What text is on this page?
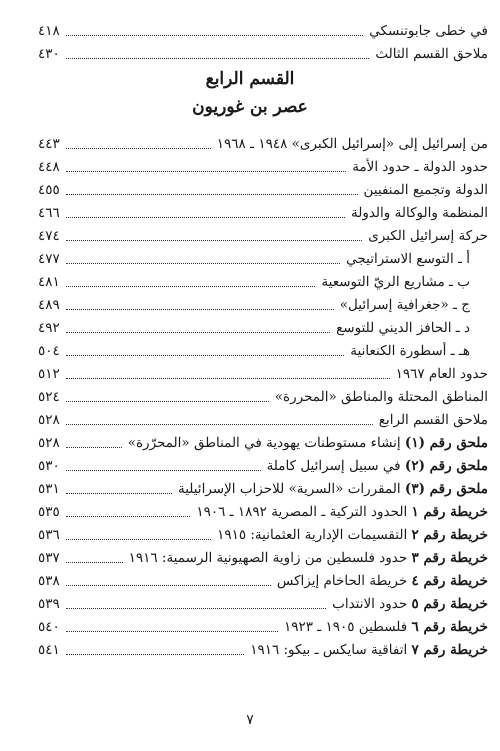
في خطى جابوتنسكي
٤١٨
ملاحق القسم الثالث
٤٣٠
القسم الرابع
عصر بن غوريون
من إسرائيل إلى «إسرائيل الكبرى» ١٩٤٨ ـ ١٩٦٨
٤٤٣
حدود الدولة ـ حدود الأمة
٤٤٨
الدولة وتجميع المنفيين
٤٥٥
المنظمة والوكالة والدولة
٤٦٦
حركة إسرائيل الكبرى
٤٧٤
أ ـ التوسع الاستراتيجي
٤٧٧
ب ـ مشاريع الريّ التوسعية
٤٨١
ج ـ «جغرافية إسرائيل»
٤٨٩
د ـ الحافز الديني للتوسع
٤٩٢
هـ ـ أسطورة الكنعانية
٥٠٤
حدود العام ١٩٦٧
٥١٢
المناطق المحتلة والمناطق «المحررة»
٥٢٤
ملاحق القسم الرابع
٥٢٨
ملحق رقم (١) إنشاء مستوطنات يهودية في المناطق «المحرّرة»
٥٢٨
ملحق رقم (٢) في سبيل إسرائيل كاملة
٥٣٠
ملحق رقم (٣) المقررات «السرية» للاحزاب الإسرائيلية
٥٣١
خريطة رقم ١ الحدود التركية ـ المصرية ١٨٩٢ ـ ١٩٠٦
٥٣٥
خريطة رقم ٢ التقسيمات الإدارية العثمانية: ١٩١٥
٥٣٦
خريطة رقم ٣ حدود فلسطين من زاوية الصهيونية الرسمية: ١٩١٦
٥٣٧
خريطة رقم ٤ خريطة الحاخام إيزاكس
٥٣٨
خريطة رقم ٥ حدود الانتداب
٥٣٩
خريطة رقم ٦ فلسطين ١٩٠٥ ـ ١٩٢٣
٥٤٠
خريطة رقم ٧ اتفاقية سايكس ـ بيكو: ١٩١٦
٥٤١
٧
